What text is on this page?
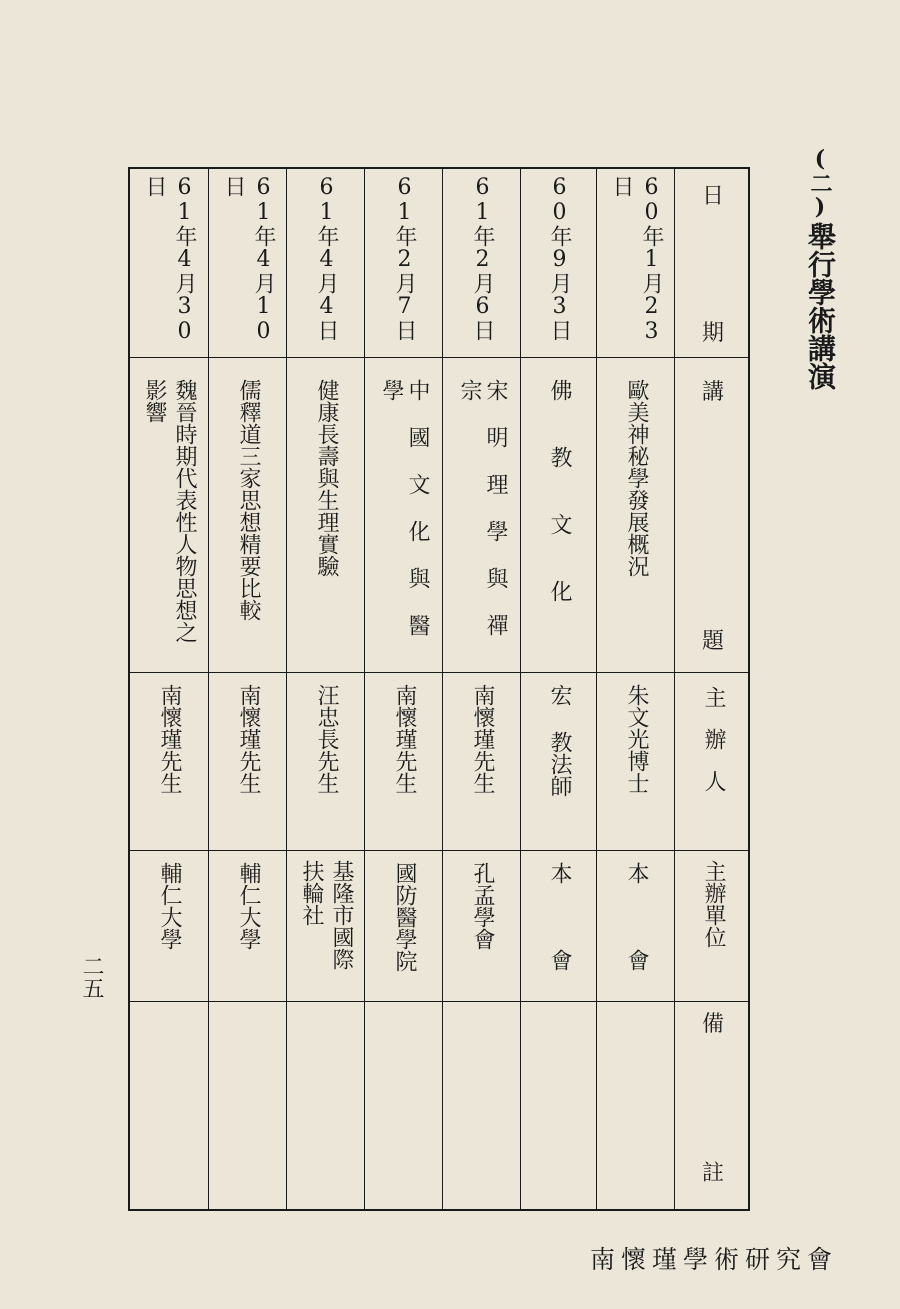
(二)
舉行學術講演
日
期
講
題
主辦人
主辦單位
備
註
60年1月23日
歐美神秘學發展概況
朱文光博士
本 會
60年9月3日
佛 教 文 化
宏 教法師
本 會
61年2月6日
宋 明 理 學 與 禪 宗
南懷瑾先生
孔孟學會
61年2月7日
中 國 文 化 與 醫 學
南懷瑾先生
國防醫學院
61年4月4日
健康長壽與生理實驗
汪忠長先生
基隆市國際扶輪社
61年4月10日
儒釋道三家思想精要比較
南懷瑾先生
輔仁大學
61年4月30日
魏晉時期代表性人物思想之影響
南懷瑾先生
輔仁大學
二五
南懷瑾學術研究會
